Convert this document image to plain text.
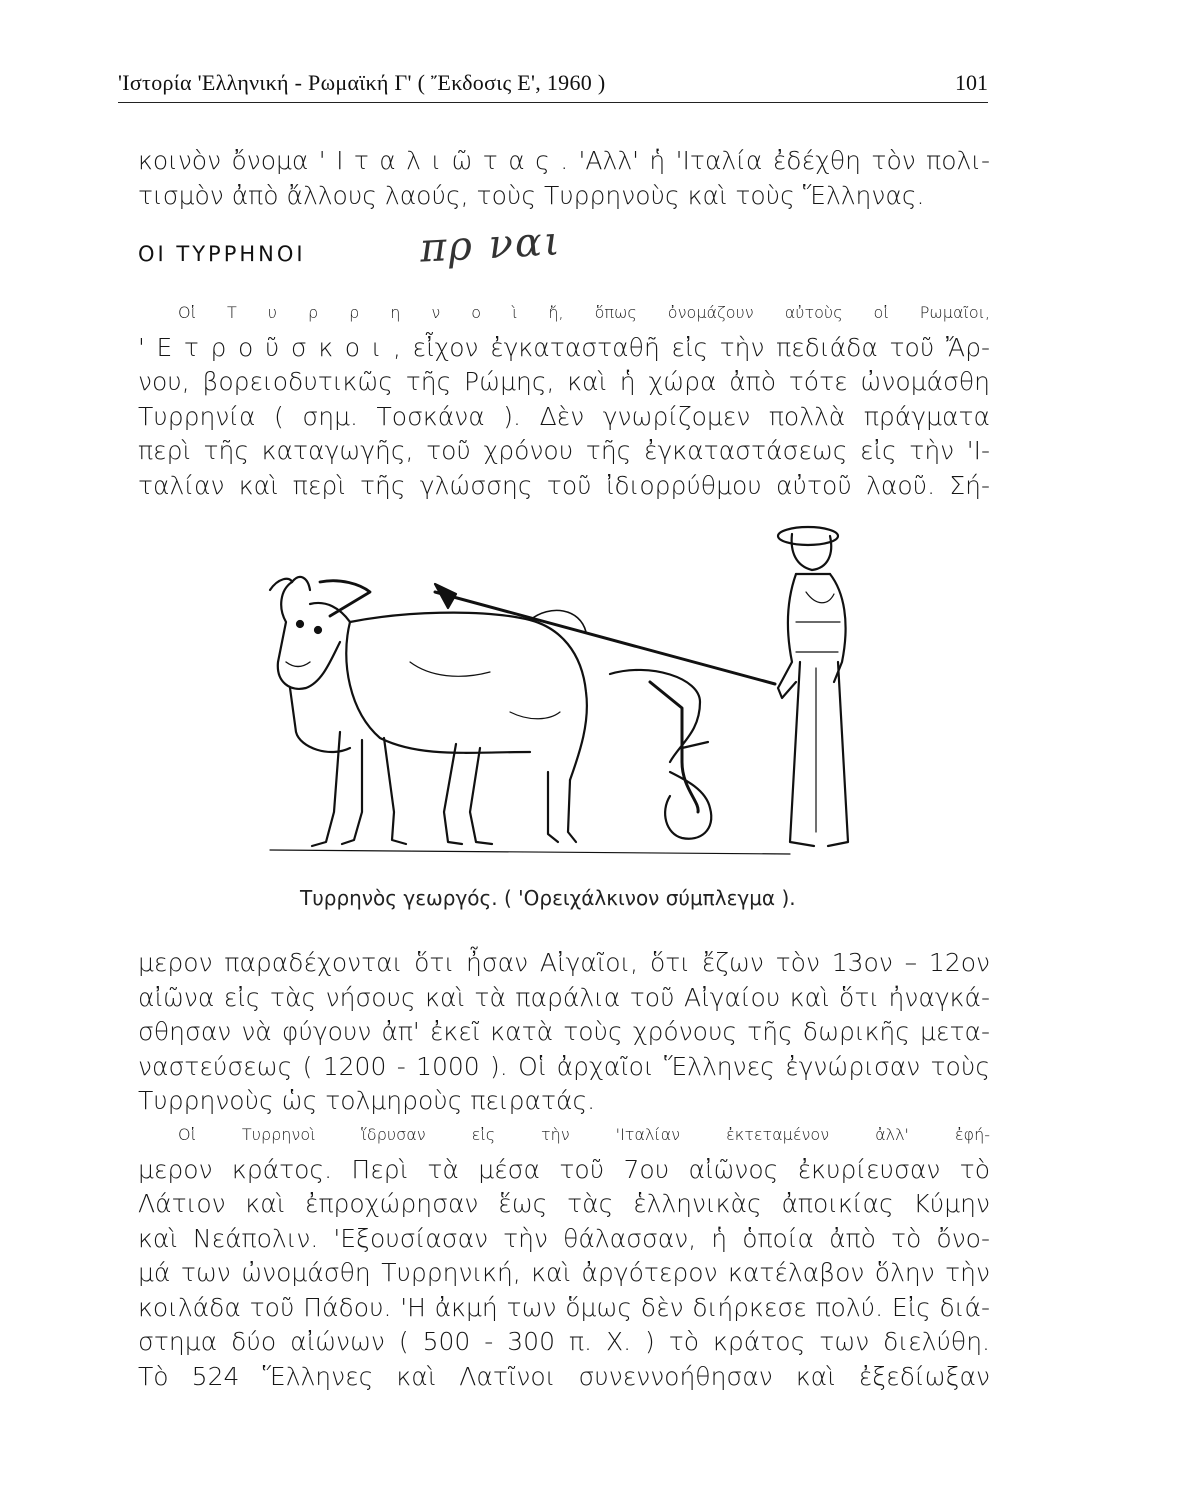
'Ιστορία 'Ελληνική - Ρωμαϊκή Γ' ( Ἔκδοσις Ε', 1960 )	101
κοινὸν ὄνομα ' Ι τ α λ ι ῶ τ α ς . 'Αλλ' ἡ 'Ιταλία ἐδέχθη τὸν πολι-
τισμὸν ἀπὸ ἄλλους λαούς, τοὺς Τυρρηνοὺς καὶ τοὺς Ἕλληνας.
ΟΙ ΤΥΡΡΗΝΟΙ	πρ ναι
Οἱ Τ υ ρ ρ η ν ο ὶ ἤ, ὅπως ὀνομάζουν αὐτοὺς οἱ Ρωμαῖοι,
' Ε τ ρ ο ῦ σ κ ο ι , εἶχον ἐγκατασταθῆ εἰς τὴν πεδιάδα τοῦ Ἄρ-
νου, βορειοδυτικῶς τῆς Ρώμης, καὶ ἡ χώρα ἀπὸ τότε ὠνομάσθη
Τυρρηνία ( σημ. Τοσκάνα ). Δὲν γνωρίζομεν πολλὰ πράγματα
περὶ τῆς καταγωγῆς, τοῦ χρόνου τῆς ἐγκαταστάσεως εἰς τὴν 'Ι-
ταλίαν καὶ περὶ τῆς γλώσσης τοῦ ἰδιορρύθμου αὐτοῦ λαοῦ. Σή-
Τυρρηνὸς γεωργός. ( 'Ορειχάλκινον σύμπλεγμα ).
μερον παραδέχονται ὅτι ἦσαν Αἰγαῖοι, ὅτι ἔζων τὸν 13ον – 12ον
αἰῶνα εἰς τὰς νήσους καὶ τὰ παράλια τοῦ Αἰγαίου καὶ ὅτι ἠναγκά-
σθησαν νὰ φύγουν ἀπ' ἐκεῖ κατὰ τοὺς χρόνους τῆς δωρικῆς μετα-
ναστεύσεως ( 1200 - 1000 ). Οἱ ἀρχαῖοι Ἕλληνες ἐγνώρισαν τοὺς
Τυρρηνοὺς ὡς τολμηροὺς πειρατάς.
Οἱ Τυρρηνοὶ ἵδρυσαν εἰς τὴν 'Ιταλίαν ἐκτεταμένον ἀλλ' ἐφή-
μερον κράτος. Περὶ τὰ μέσα τοῦ 7ου αἰῶνος ἐκυρίευσαν τὸ
Λάτιον καὶ ἐπροχώρησαν ἕως τὰς ἑλληνικὰς ἀποικίας Κύμην
καὶ Νεάπολιν. 'Εξουσίασαν τὴν θάλασσαν, ἡ ὁποία ἀπὸ τὸ ὄνο-
μά των ὠνομάσθη Τυρρηνική, καὶ ἀργότερον κατέλαβον ὅλην τὴν
κοιλάδα τοῦ Πάδου. 'Η ἀκμή των ὅμως δὲν διήρκεσε πολύ. Εἰς διά-
στημα δύο αἰώνων ( 500 - 300 π. Χ. ) τὸ κράτος των διελύθη.
Τὸ 524 Ἕλληνες καὶ Λατῖνοι συνεννοήθησαν καὶ ἐξεδίωξαν
